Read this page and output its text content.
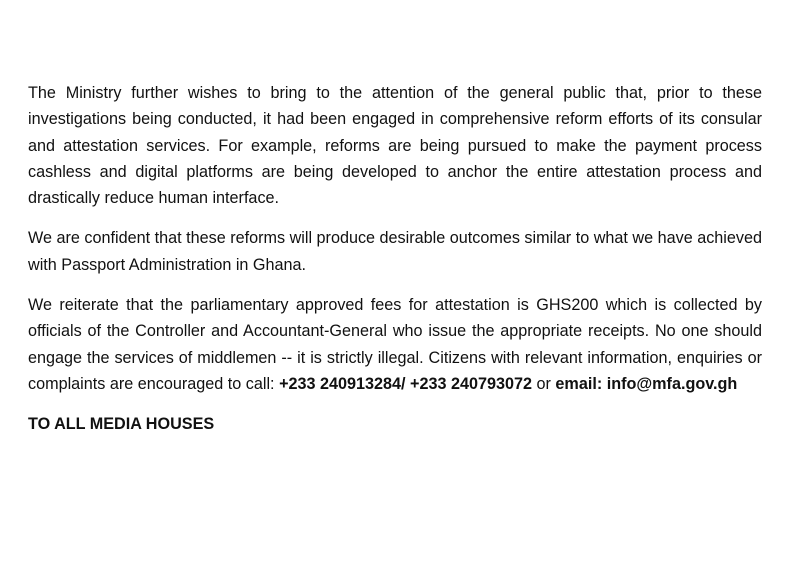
The Ministry further wishes to bring to the attention of the general public that, prior to these investigations being conducted, it had been engaged in comprehensive reform efforts of its consular and attestation services. For example, reforms are being pursued to make the payment process cashless and digital platforms are being developed to anchor the entire attestation process and drastically reduce human interface.

We are confident that these reforms will produce desirable outcomes similar to what we have achieved with Passport Administration in Ghana.

We reiterate that the parliamentary approved fees for attestation is GHS200 which is collected by officials of the Controller and Accountant-General who issue the appropriate receipts. No one should engage the services of middlemen -- it is strictly illegal. Citizens with relevant information, enquiries or complaints are encouraged to call: +233 240913284/ +233 240793072 or email: info@mfa.gov.gh

TO ALL MEDIA HOUSES
